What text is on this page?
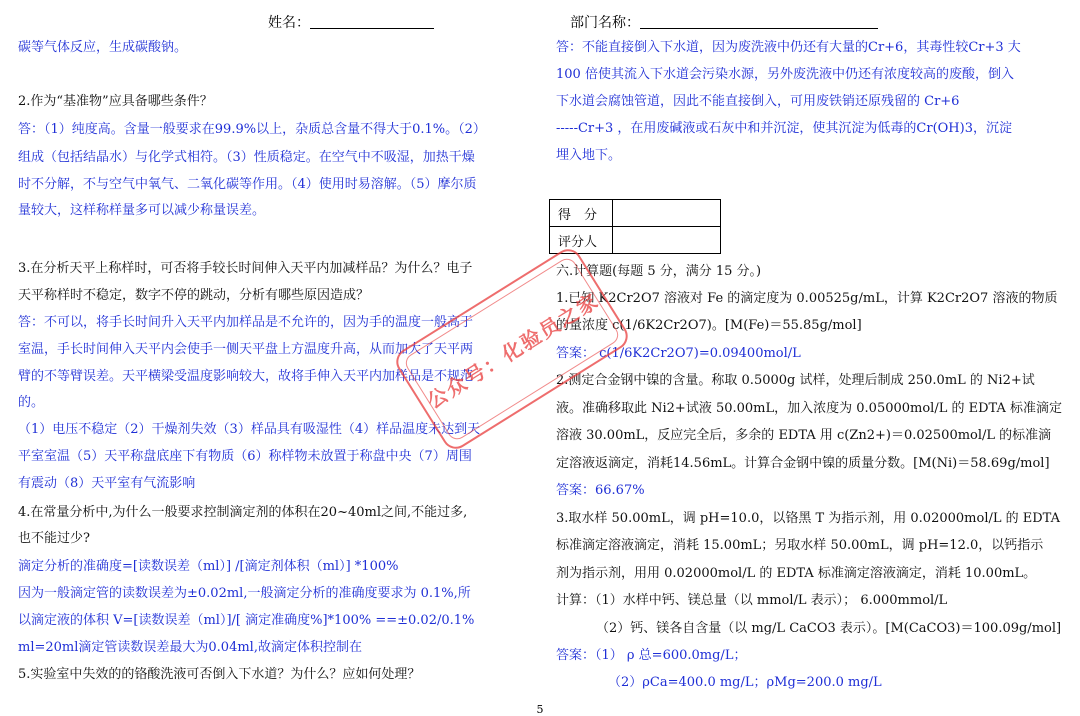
姓名：	部门名称：

碳等气体反应，生成碳酸钠。

2.作为“基准物”应具备哪些条件？

答：（1）纯度高。含量一般要求在99.9%以上，杂质总含量不得大于0.1%。（2）

组成（包括结晶水）与化学式相符。（3）性质稳定。在空气中不吸湿，加热干燥

时不分解，不与空气中氧气、二氧化碳等作用。（4）使用时易溶解。（5）摩尔质

量较大，这样称样量多可以减少称量误差。

3.在分析天平上称样时，可否将手较长时间伸入天平内加减样品？为什么？电子

天平称样时不稳定，数字不停的跳动，分析有哪些原因造成？

答：不可以，将手长时间升入天平内加样品是不允许的，因为手的温度一般高于

室温，手长时间伸入天平内会使手一侧天平盘上方温度升高，从而加大了天平两

臂的不等臂误差。天平横梁受温度影响较大，故将手伸入天平内加样品是不规范

的。

（1）电压不稳定（2）干燥剂失效（3）样品具有吸湿性（4）样品温度未达到天

平室室温（5）天平称盘底座下有物质（6）称样物未放置于称盘中央（7）周围

有震动（8）天平室有气流影响

4.在常量分析中,为什么一般要求控制滴定剂的体积在20~40ml之间,不能过多,

也不能过少?

滴定分析的准确度=[读数误差（ml）] /[滴定剂体积（ml）] *100%

因为一般滴定管的读数误差为±0.02ml,一般滴定分析的准确度要求为 0.1%,所

以滴定液的体积 V=[读数误差（ml）]/[ 滴定准确度%]*100% ==±0.02/0.1%

ml=20ml滴定管读数误差最大为0.04ml,故滴定体积控制在

5.实验室中失效的的铬酸洗液可否倒入下水道？为什么？应如何处理？

答：不能直接倒入下水道，因为废洗液中仍还有大量的Cr+6，其毒性较Cr+3 大

100 倍使其流入下水道会污染水源，另外废洗液中仍还有浓度较高的废酸，倒入

下水道会腐蚀管道，因此不能直接倒入，可用废铁销还原残留的 Cr+6

-----Cr+3 ，在用废碱液或石灰中和并沉淀，使其沉淀为低毒的Cr(OH)3，沉淀

埋入地下。

六.计算题(每题 5 分，满分 15 分。)

1.已知 K2Cr2O7 溶液对 Fe 的滴定度为 0.00525g/mL，计算 K2Cr2O7 溶液的物质

的量浓度 c(1/6K2Cr2O7)。[M(Fe)＝55.85g/mol]

答案： c(1/6K2Cr2O7)=0.09400mol/L

2.测定合金钢中镍的含量。称取 0.5000g 试样，处理后制成 250.0mL 的 Ni2+试

液。准确移取此 Ni2+试液 50.00mL，加入浓度为 0.05000mol/L 的 EDTA 标准滴定

溶液 30.00mL，反应完全后，多余的 EDTA 用 c(Zn2+)＝0.02500mol/L 的标准滴

定溶液返滴定，消耗14.56mL。计算合金钢中镍的质量分数。[M(Ni)＝58.69g/mol]

答案：66.67%

3.取水样 50.00mL，调 pH=10.0，以铬黑 T 为指示剂，用 0.02000mol/L 的 EDTA

标准滴定溶液滴定，消耗 15.00mL；另取水样 50.00mL，调 pH=12.0，以钙指示

剂为指示剂，用用 0.02000mol/L 的 EDTA 标准滴定溶液滴定，消耗 10.00mL。

计算：（1）水样中钙、镁总量（以 mmol/L 表示）； 6.000mmol/L

（2）钙、镁各自含量（以 mg/L CaCO3 表示）。[M(CaCO3)＝100.09g/mol]

答案：（1） ρ 总=600.0mg/L；

（2）ρCa=400.0 mg/L；ρMg=200.0 mg/L

得　分	
评分人	
公众号：化验员之家
5
